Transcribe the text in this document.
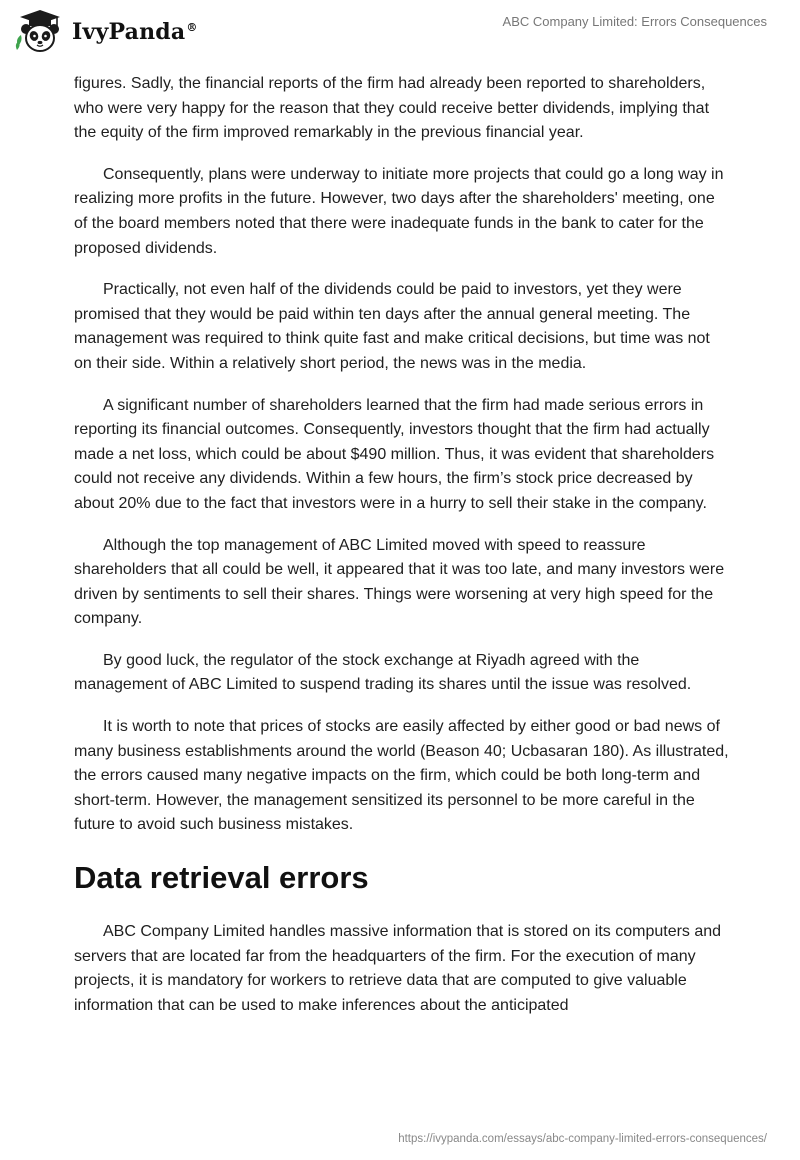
IvyPanda®	ABC Company Limited: Errors Consequences

figures. Sadly, the financial reports of the firm had already been reported to shareholders, who were very happy for the reason that they could receive better dividends, implying that the equity of the firm improved remarkably in the previous financial year.

Consequently, plans were underway to initiate more projects that could go a long way in realizing more profits in the future. However, two days after the shareholders' meeting, one of the board members noted that there were inadequate funds in the bank to cater for the proposed dividends.

Practically, not even half of the dividends could be paid to investors, yet they were promised that they would be paid within ten days after the annual general meeting. The management was required to think quite fast and make critical decisions, but time was not on their side. Within a relatively short period, the news was in the media.

A significant number of shareholders learned that the firm had made serious errors in reporting its financial outcomes. Consequently, investors thought that the firm had actually made a net loss, which could be about $490 million. Thus, it was evident that shareholders could not receive any dividends. Within a few hours, the firm’s stock price decreased by about 20% due to the fact that investors were in a hurry to sell their stake in the company.

Although the top management of ABC Limited moved with speed to reassure shareholders that all could be well, it appeared that it was too late, and many investors were driven by sentiments to sell their shares. Things were worsening at very high speed for the company.

By good luck, the regulator of the stock exchange at Riyadh agreed with the management of ABC Limited to suspend trading its shares until the issue was resolved.

It is worth to note that prices of stocks are easily affected by either good or bad news of many business establishments around the world (Beason 40; Ucbasaran 180). As illustrated, the errors caused many negative impacts on the firm, which could be both long-term and short-term. However, the management sensitized its personnel to be more careful in the future to avoid such business mistakes.

Data retrieval errors

ABC Company Limited handles massive information that is stored on its computers and servers that are located far from the headquarters of the firm. For the execution of many projects, it is mandatory for workers to retrieve data that are computed to give valuable information that can be used to make inferences about the anticipated

https://ivypanda.com/essays/abc-company-limited-errors-consequences/
